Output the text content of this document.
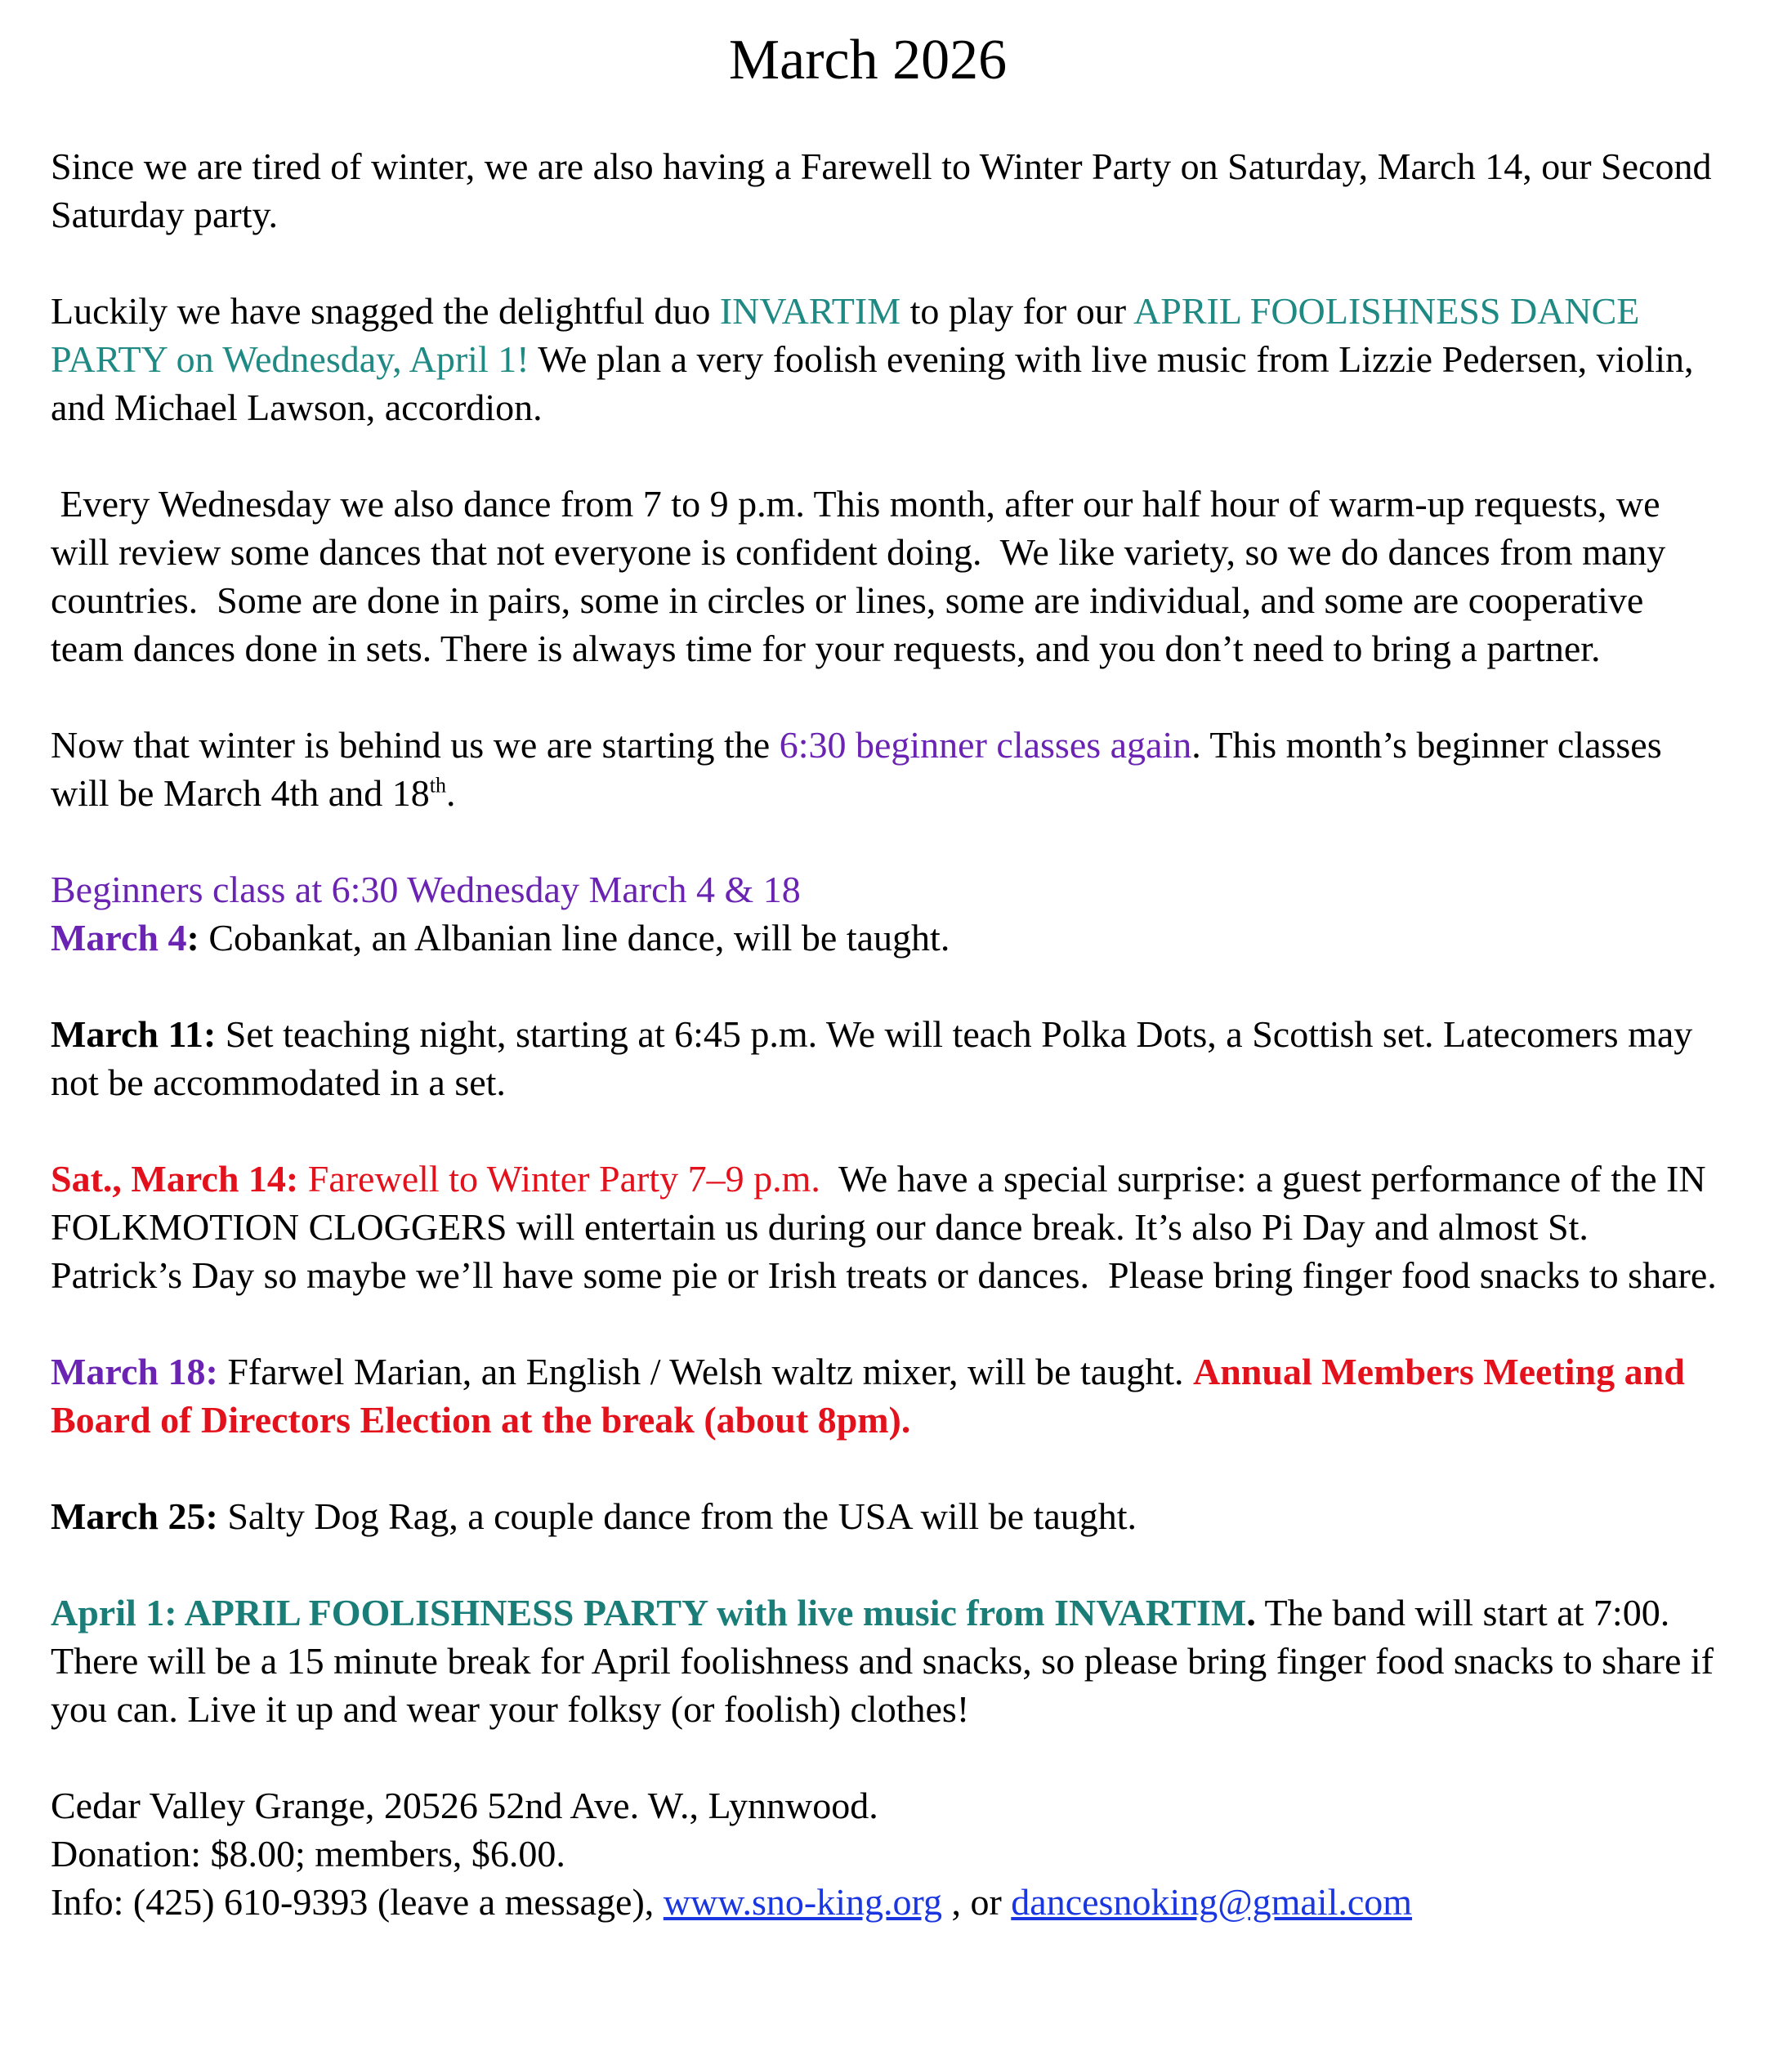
March 2026

Since we are tired of winter, we are also having a Farewell to Winter Party on Saturday, March 14, our Second Saturday party.

Luckily we have snagged the delightful duo INVARTIM to play for our APRIL FOOLISHNESS DANCE PARTY on Wednesday, April 1! We plan a very foolish evening with live music from Lizzie Pedersen, violin, and Michael Lawson, accordion.

Every Wednesday we also dance from 7 to 9 p.m. This month, after our half hour of warm-up requests, we will review some dances that not everyone is confident doing.  We like variety, so we do dances from many countries.  Some are done in pairs, some in circles or lines, some are individual, and some are cooperative team dances done in sets. There is always time for your requests, and you don’t need to bring a partner.

Now that winter is behind us we are starting the 6:30 beginner classes again. This month’s beginner classes will be March 4th and 18th.

Beginners class at 6:30 Wednesday March 4 & 18

March 4: Cobankat, an Albanian line dance, will be taught.

March 11: Set teaching night, starting at 6:45 p.m. We will teach Polka Dots, a Scottish set. Latecomers may not be accommodated in a set.

Sat., March 14: Farewell to Winter Party 7–9 p.m.  We have a special surprise: a guest performance of the IN FOLKMOTION CLOGGERS will entertain us during our dance break. It’s also Pi Day and almost St. Patrick’s Day so maybe we’ll have some pie or Irish treats or dances.  Please bring finger food snacks to share.

March 18: Ffarwel Marian, an English / Welsh waltz mixer, will be taught. Annual Members Meeting and Board of Directors Election at the break (about 8pm).

March 25: Salty Dog Rag, a couple dance from the USA will be taught.

April 1: APRIL FOOLISHNESS PARTY with live music from INVARTIM. The band will start at 7:00. There will be a 15 minute break for April foolishness and snacks, so please bring finger food snacks to share if you can. Live it up and wear your folksy (or foolish) clothes!

Cedar Valley Grange, 20526 52nd Ave. W., Lynnwood.

Donation: $8.00; members, $6.00.

Info: (425) 610-9393 (leave a message), www.sno-king.org , or dancesnoking@gmail.com
